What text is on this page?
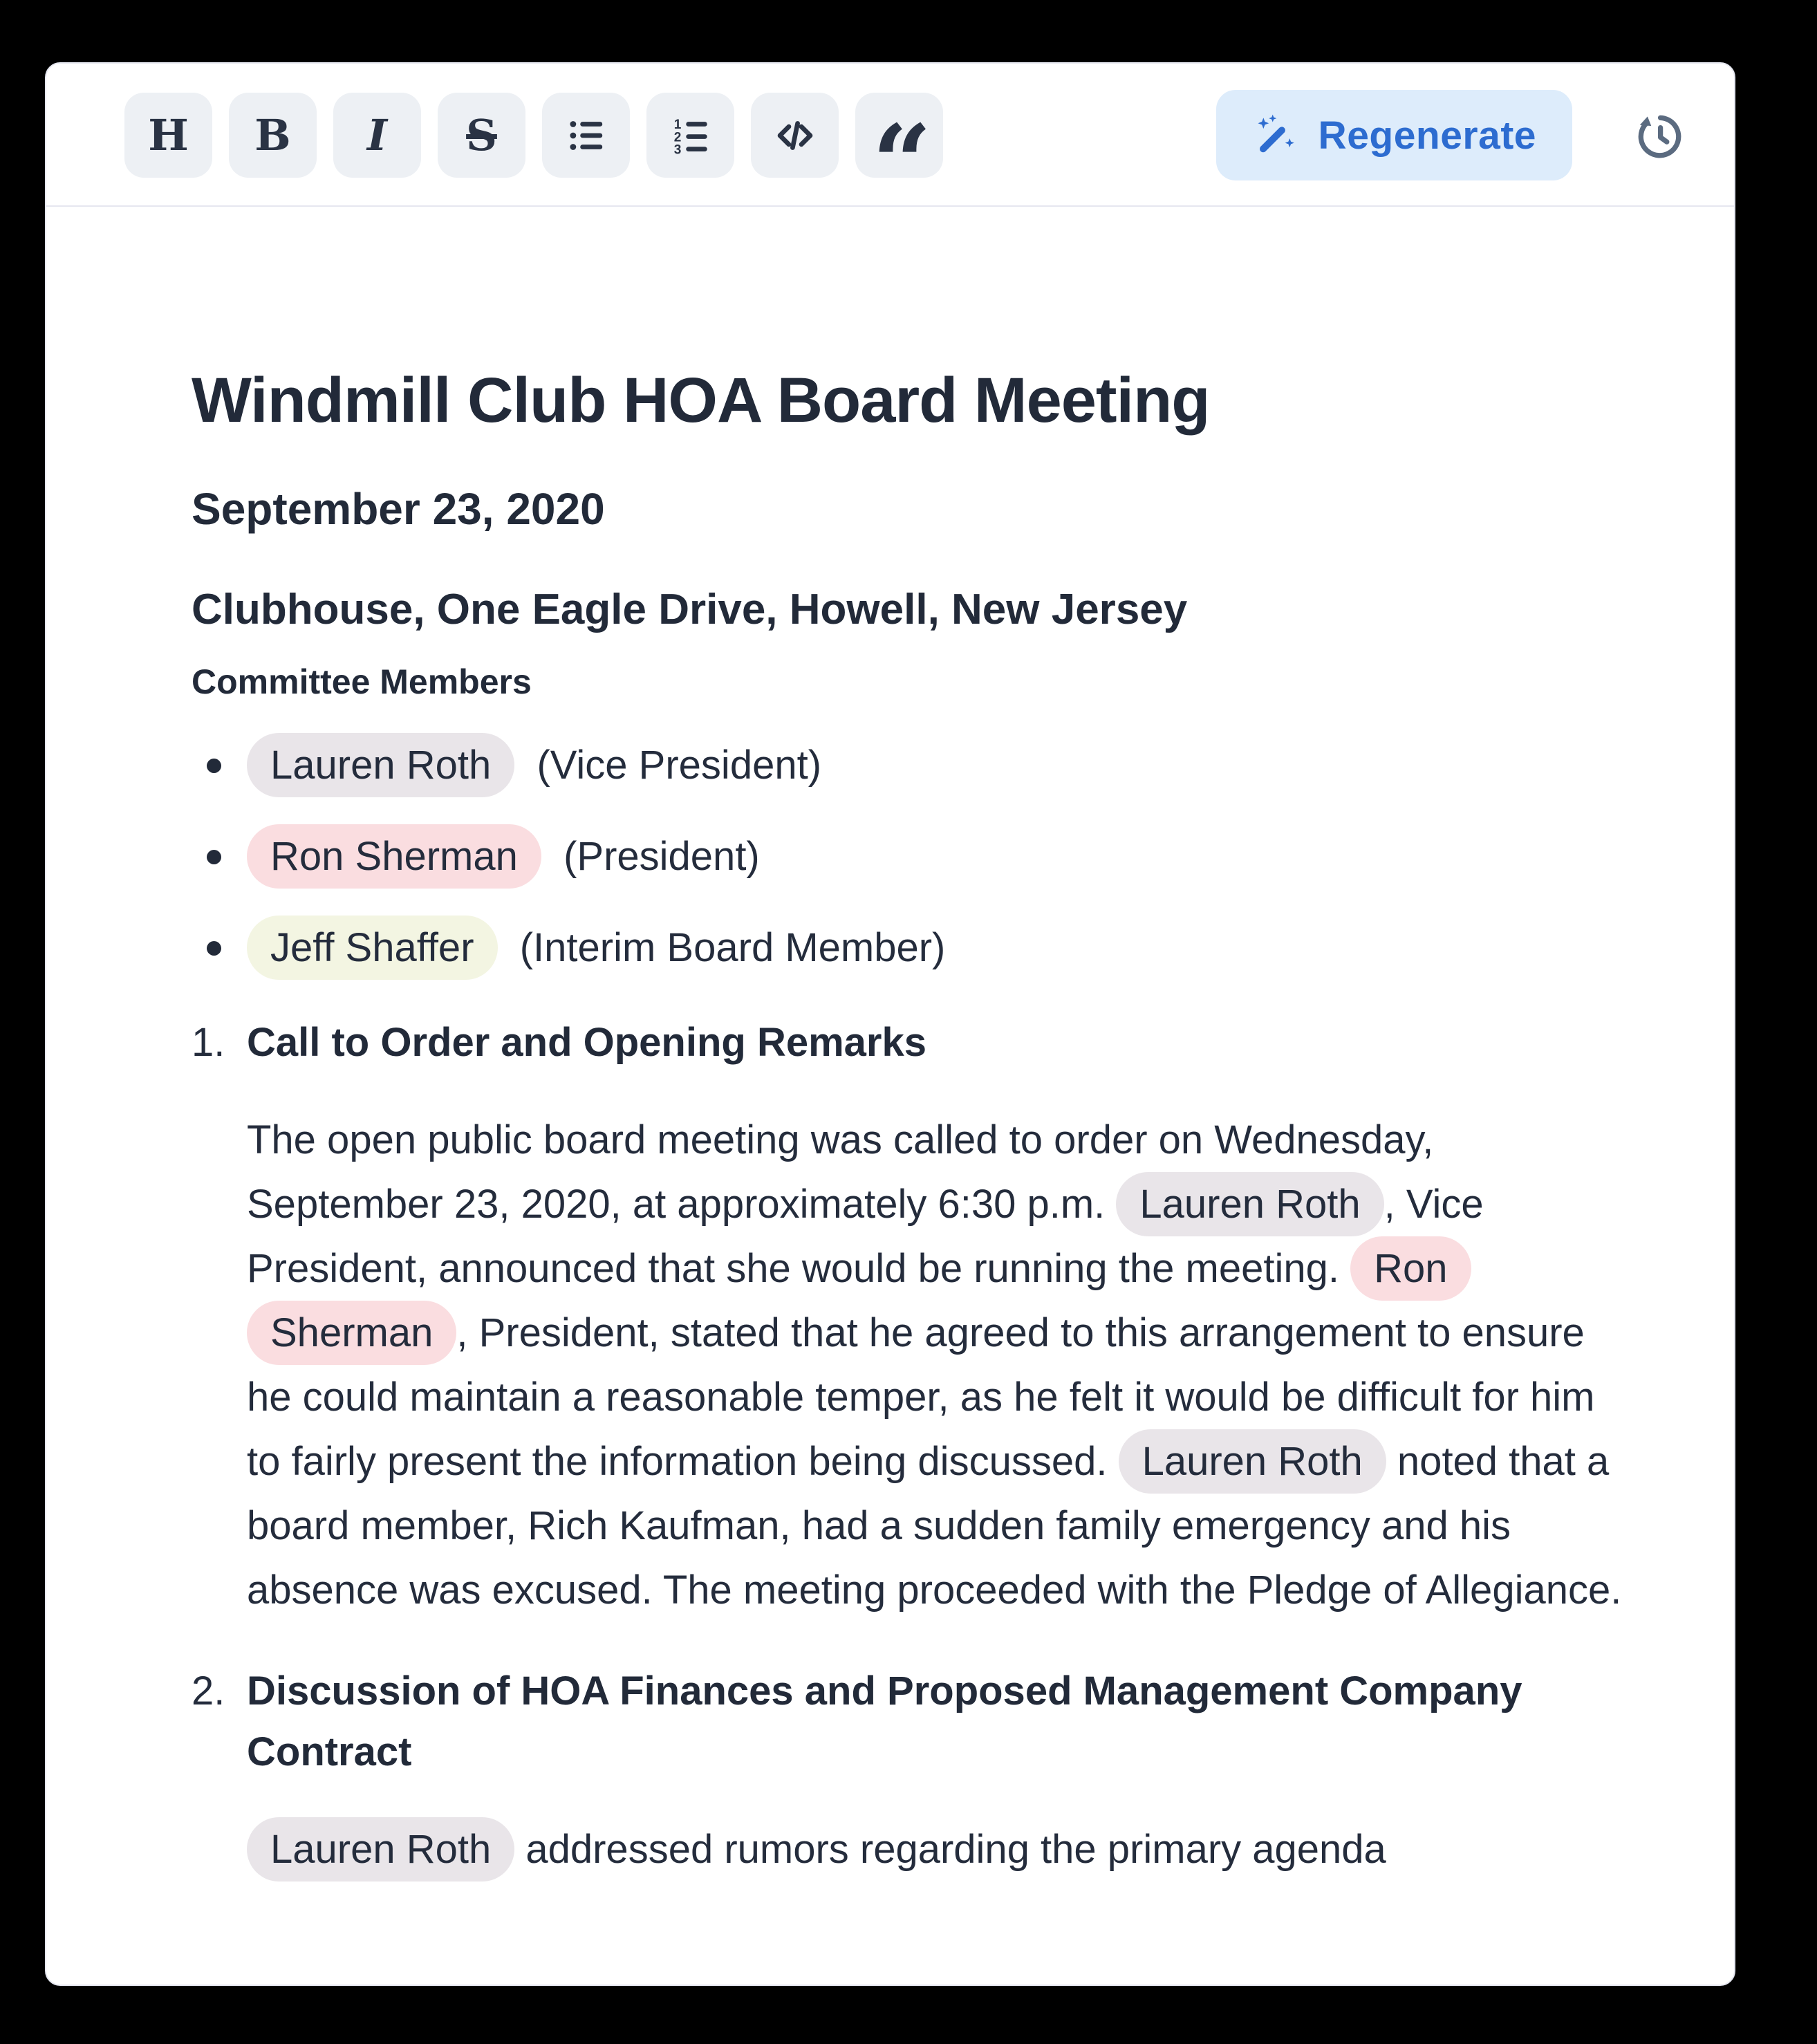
H B I S	1
2
3 “	Regenerate
Windmill Club HOA Board Meeting
September 23, 2020
Clubhouse, One Eagle Drive, Howell, New Jersey
Committee Members
Lauren Roth  (Vice President)
Ron Sherman  (President)
Jeff Shaffer  (Interim Board Member)
1. Call to Order and Opening Remarks

The open public board meeting was called to order on Wednesday, September 23, 2020, at approximately 6:30 p.m. Lauren Roth , Vice President, announced that she would be running the meeting. Ron Sherman , President, stated that he agreed to this arrangement to ensure he could maintain a reasonable temper, as he felt it would be difficult for him to fairly present the information being discussed. Lauren Roth noted that a board member, Rich Kaufman, had a sudden family emergency and his absence was excused. The meeting proceeded with the Pledge of Allegiance.

2. Discussion of HOA Finances and Proposed Management Company Contract

Lauren Roth addressed rumors regarding the primary agenda
